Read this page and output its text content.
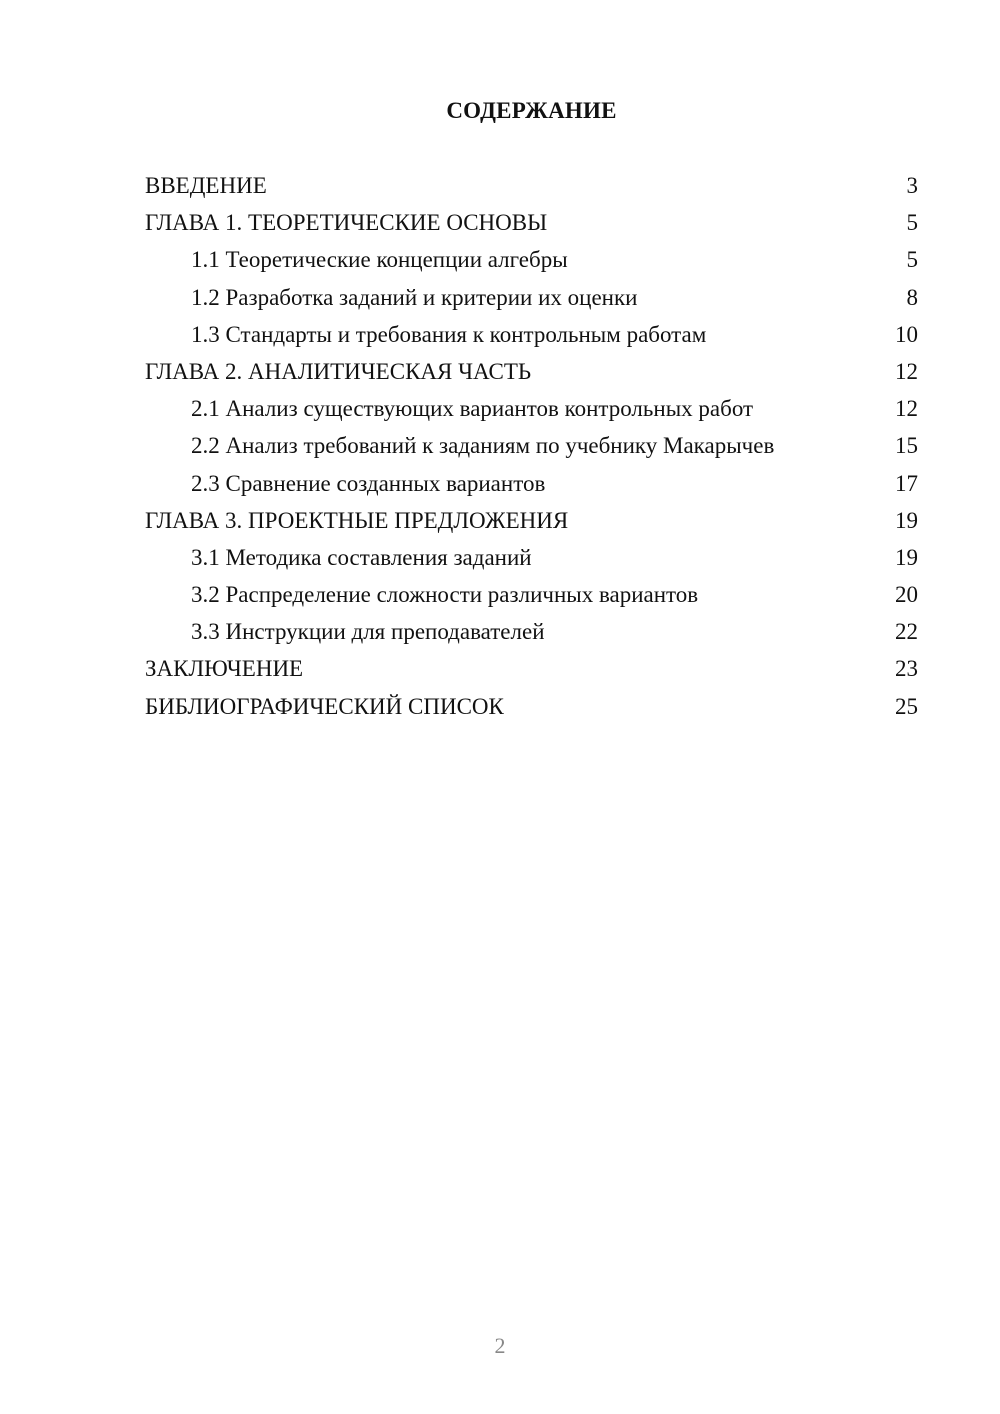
СОДЕРЖАНИЕ
ВВЕДЕНИЕ	3
ГЛАВА 1. ТЕОРЕТИЧЕСКИЕ ОСНОВЫ	5
1.1 Теоретические концепции алгебры	5
1.2 Разработка заданий и критерии их оценки	8
1.3 Стандарты и требования к контрольным работам	10
ГЛАВА 2. АНАЛИТИЧЕСКАЯ ЧАСТЬ	12
2.1 Анализ существующих вариантов контрольных работ	12
2.2 Анализ требований к заданиям по учебнику Макарычев	15
2.3 Сравнение созданных вариантов	17
ГЛАВА 3. ПРОЕКТНЫЕ ПРЕДЛОЖЕНИЯ	19
3.1 Методика составления заданий	19
3.2 Распределение сложности различных вариантов	20
3.3 Инструкции для преподавателей	22
ЗАКЛЮЧЕНИЕ	23
БИБЛИОГРАФИЧЕСКИЙ СПИСОК	25
2
